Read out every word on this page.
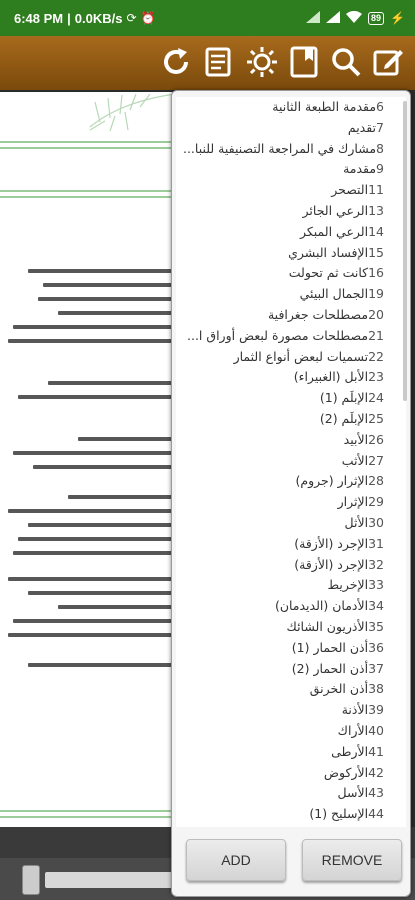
6:48 PM | 0.0KB/s ⟳ ⏰	89 ⚡
مقدمة الطبعة الثانية6
تقديم7
مشارك في المراجعة التصنيفية للنبا...8
مقدمة9
التصحر11
الرعي الجائر13
الرعي المبكر14
الإفساد البشري15
كانت ثم تحولت16
الجمال البيئي19
مصطلحات جغرافية20
مصطلحات مصورة لبعض أوراق ا...21
تسميات لبعض أنواع الثمار22
الأبل (الغبيراء)23
الإبلَم (1)24
الإبلَم (2)25
الأبيد26
الأثب27
الإثرار (جروم)28
الإثرار29
الأثل30
الإجرد (الأزقة)31
الإجرد (الأزقة)32
الإخريط33
الأدمان (الديدمان)34
الأذريون الشائك35
أذن الحمار (1)36
أذن الحمار (2)37
أذن الخرنق38
الأذنة39
الأراك40
الأرطى41
الأركوض42
الأسل43
الإسليح (1)44
ADD	REMOVE
